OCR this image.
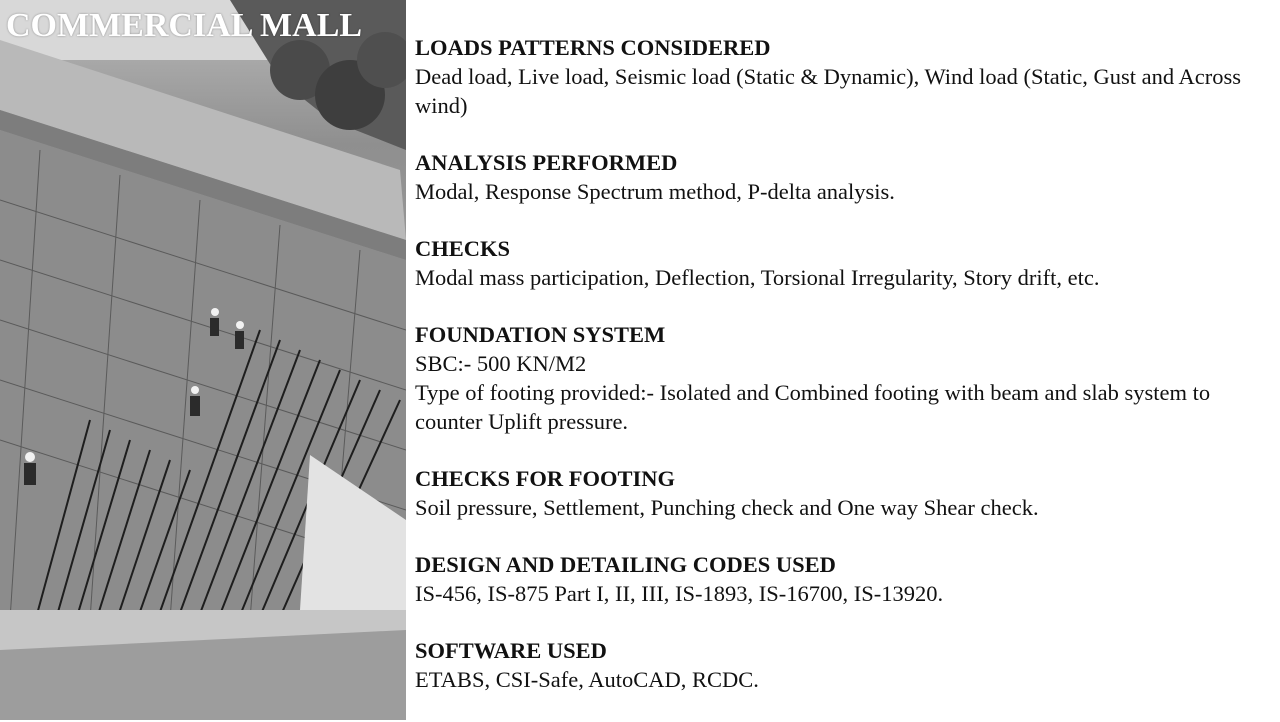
COMMERCIAL MALL
LOADS PATTERNS CONSIDERED

Dead load, Live load, Seismic load (Static & Dynamic), Wind load (Static, Gust and Across wind)

ANALYSIS PERFORMED

Modal, Response Spectrum method, P-delta analysis.

CHECKS

Modal mass participation, Deflection, Torsional Irregularity, Story drift, etc.

FOUNDATION SYSTEM

SBC:- 500 KN/M2

Type of footing provided:- Isolated and Combined footing with beam and slab system to counter Uplift pressure.

CHECKS FOR FOOTING

Soil pressure, Settlement, Punching check and One way Shear check.

DESIGN AND DETAILING CODES USED

IS-456, IS-875 Part I, II, III, IS-1893, IS-16700, IS-13920.

SOFTWARE USED

ETABS, CSI-Safe, AutoCAD, RCDC.
